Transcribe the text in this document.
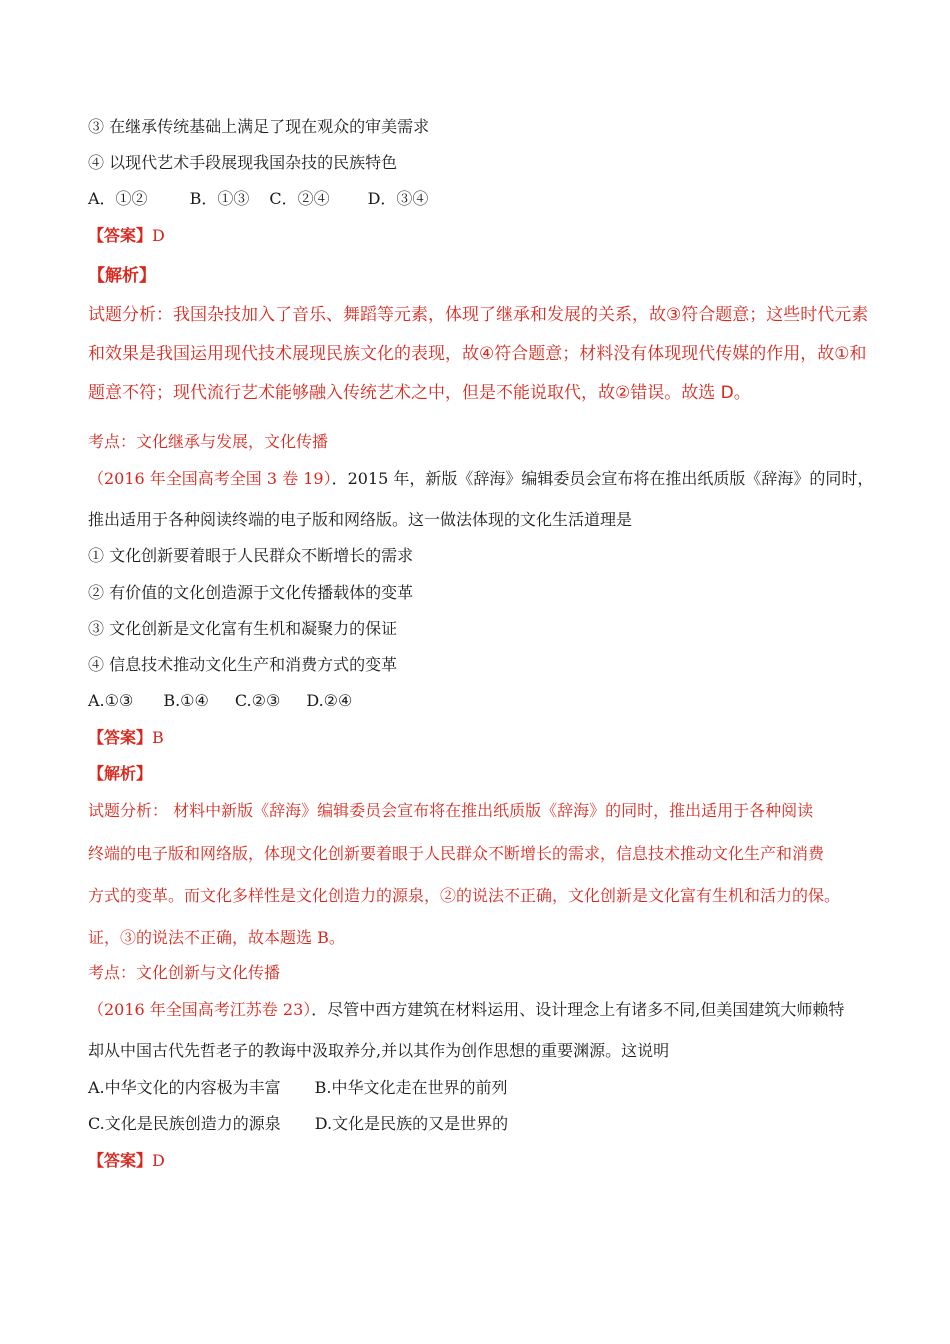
③ 在继承传统基础上满足了现在观众的审美需求
④ 以现代艺术手段展现我国杂技的民族特色
A．①②	B．①③ C．②④ D．③④
【答案】D
【解析】
试题分析：我国杂技加入了音乐、舞蹈等元素，体现了继承和发展的关系，故③符合题意；这些时代元素
和效果是我国运用现代技术展现民族文化的表现，故④符合题意；材料没有体现现代传媒的作用，故①和
题意不符；现代流行艺术能够融入传统艺术之中，但是不能说取代，故②错误。故选 D。
考点：文化继承与发展，文化传播
（2016 年全国高考全国 3 卷 19）．2015 年，新版《辞海》编辑委员会宣布将在推出纸质版《辞海》的同时，
推出适用于各种阅读终端的电子版和网络版。这一做法体现的文化生活道理是
① 文化创新要着眼于人民群众不断增长的需求
② 有价值的文化创造源于文化传播载体的变革
③ 文化创新是文化富有生机和凝聚力的保证
④ 信息技术推动文化生产和消费方式的变革
A.①③ B.①④ C.②③ D.②④
【答案】B
【解析】
试题分析： 材料中新版《辞海》编辑委员会宣布将在推出纸质版《辞海》的同时，推出适用于各种阅读
终端的电子版和网络版，体现文化创新要着眼于人民群众不断增长的需求，信息技术推动文化生产和消费
方式的变革。而文化多样性是文化创造力的源泉，②的说法不正确，文化创新是文化富有生机和活力的保。
证，③的说法不正确，故本题选 B。
考点：文化创新与文化传播
（2016 年全国高考江苏卷 23）．尽管中西方建筑在材料运用、设计理念上有诸多不同,但美国建筑大师赖特
却从中国古代先哲老子的教诲中汲取养分,并以其作为创作思想的重要渊源。这说明
A.中华文化的内容极为丰富 B.中华文化走在世界的前列
C.文化是民族创造力的源泉 D.文化是民族的又是世界的
【答案】D
